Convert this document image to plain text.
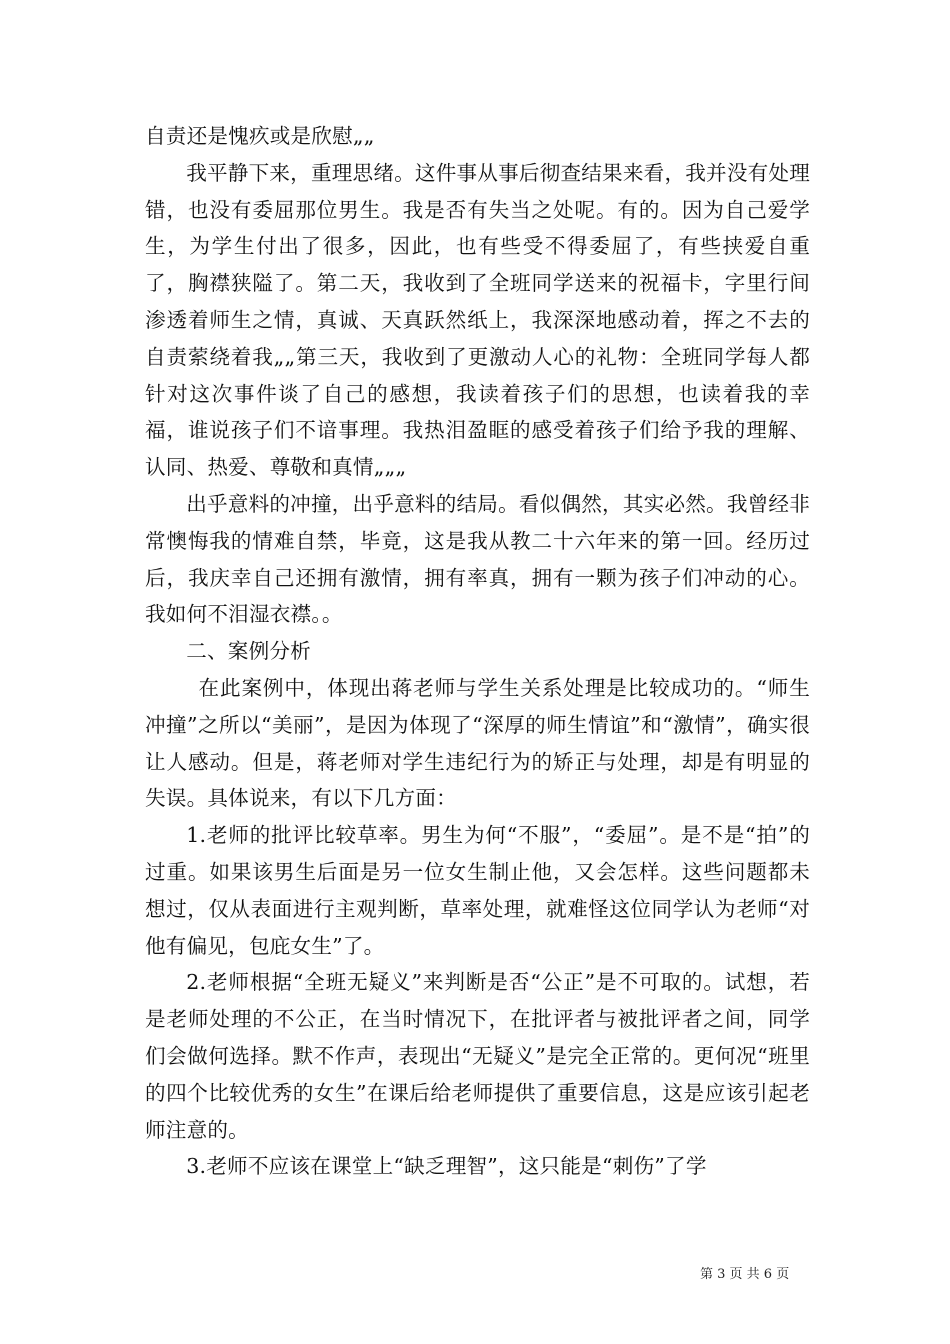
自责还是愧疚或是欣慰„„

我平静下来，重理思绪。这件事从事后彻查结果来看，我并没有处理错，也没有委屈那位男生。我是否有失当之处呢。有的。因为自己爱学生，为学生付出了很多，因此，也有些受不得委屈了，有些挟爱自重了，胸襟狭隘了。第二天，我收到了全班同学送来的祝福卡，字里行间渗透着师生之情，真诚、天真跃然纸上，我深深地感动着，挥之不去的自责萦绕着我„„第三天，我收到了更激动人心的礼物：全班同学每人都针对这次事件谈了自己的感想，我读着孩子们的思想，也读着我的幸福，谁说孩子们不谙事理。我热泪盈眶的感受着孩子们给予我的理解、认同、热爱、尊敬和真情„„„

出乎意料的冲撞，出乎意料的结局。看似偶然，其实必然。我曾经非常懊悔我的情难自禁，毕竟，这是我从教二十六年来的第一回。经历过后，我庆幸自己还拥有激情，拥有率真，拥有一颗为孩子们冲动的心。我如何不泪湿衣襟。。

二、案例分析

在此案例中，体现出蒋老师与学生关系处理是比较成功的。“师生冲撞”之所以“美丽”，是因为体现了“深厚的师生情谊”和“激情”，确实很让人感动。但是，蒋老师对学生违纪行为的矫正与处理，却是有明显的失误。具体说来，有以下几方面：

1.老师的批评比较草率。男生为何“不服”，“委屈”。是不是“拍”的过重。如果该男生后面是另一位女生制止他，又会怎样。这些问题都未想过，仅从表面进行主观判断，草率处理，就难怪这位同学认为老师“对他有偏见，包庇女生”了。

2.老师根据“全班无疑义”来判断是否“公正”是不可取的。试想，若是老师处理的不公正，在当时情况下，在批评者与被批评者之间，同学们会做何选择。默不作声，表现出“无疑义”是完全正常的。更何况“班里的四个比较优秀的女生”在课后给老师提供了重要信息，这是应该引起老师注意的。

3.老师不应该在课堂上“缺乏理智”，这只能是“刺伤”了学

第 3 页 共 6 页
